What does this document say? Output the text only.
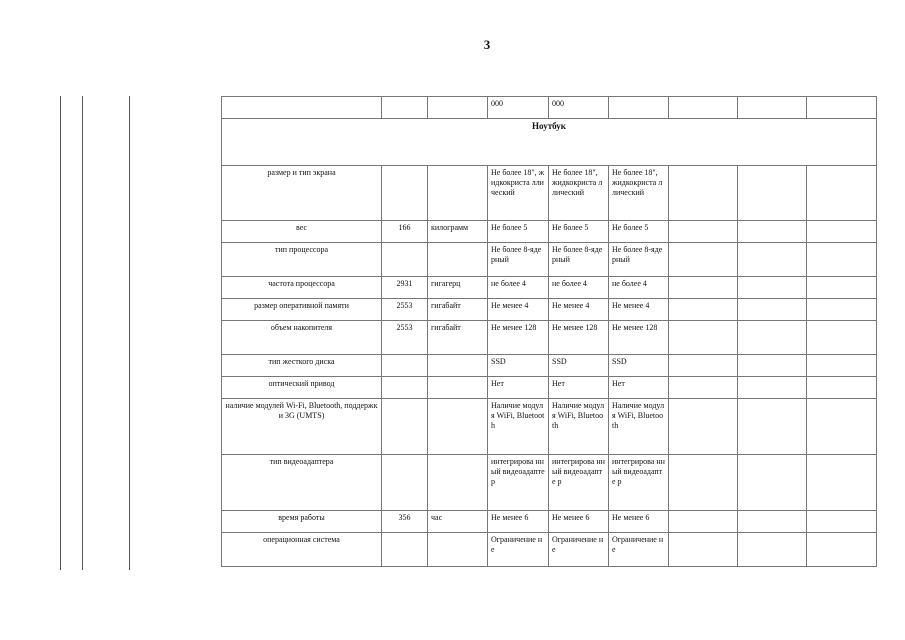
3
			000	000				
Ноутбук								
размер и тип экрана			Не более 18", жидкокриста ллический	Не более 18", жидкокриста ллический	Не более 18", жидкокриста ллический			
вес	166	килограмм	Не более 5	Не более 5	Не более 5			
тип процессора			Не более 8-ядерный	Не более 8-ядерный	Не более 8-ядерный			
частота процессора	2931	гигагерц	не более 4	не более 4	не более 4			
размер оперативной памяти	2553	гигабайт	Не менее 4	Не менее 4	Не менее 4			
объем накопителя	2553	гигабайт	Не менее 128	Не менее 128	Не менее 128			
тип жесткого диска			SSD	SSD	SSD			
оптический привод			Нет	Нет	Нет			
наличие модулей Wi-Fi, Bluetooth, поддержки 3G (UMTS)			Наличие модуля WiFi, Bluetooth	Наличие модуля WiFi, Bluetooth	Наличие модуля WiFi, Bluetooth			
тип видеоадаптера			интегрирова нный видеоадапте р	интегрирова нный видеоадапте р	интегрирова нный видеоадапте р			
время работы	356	час	Не менее 6	Не менее 6	Не менее 6			
операционная система			Ограничение не	Ограничение не	Ограничение не			
